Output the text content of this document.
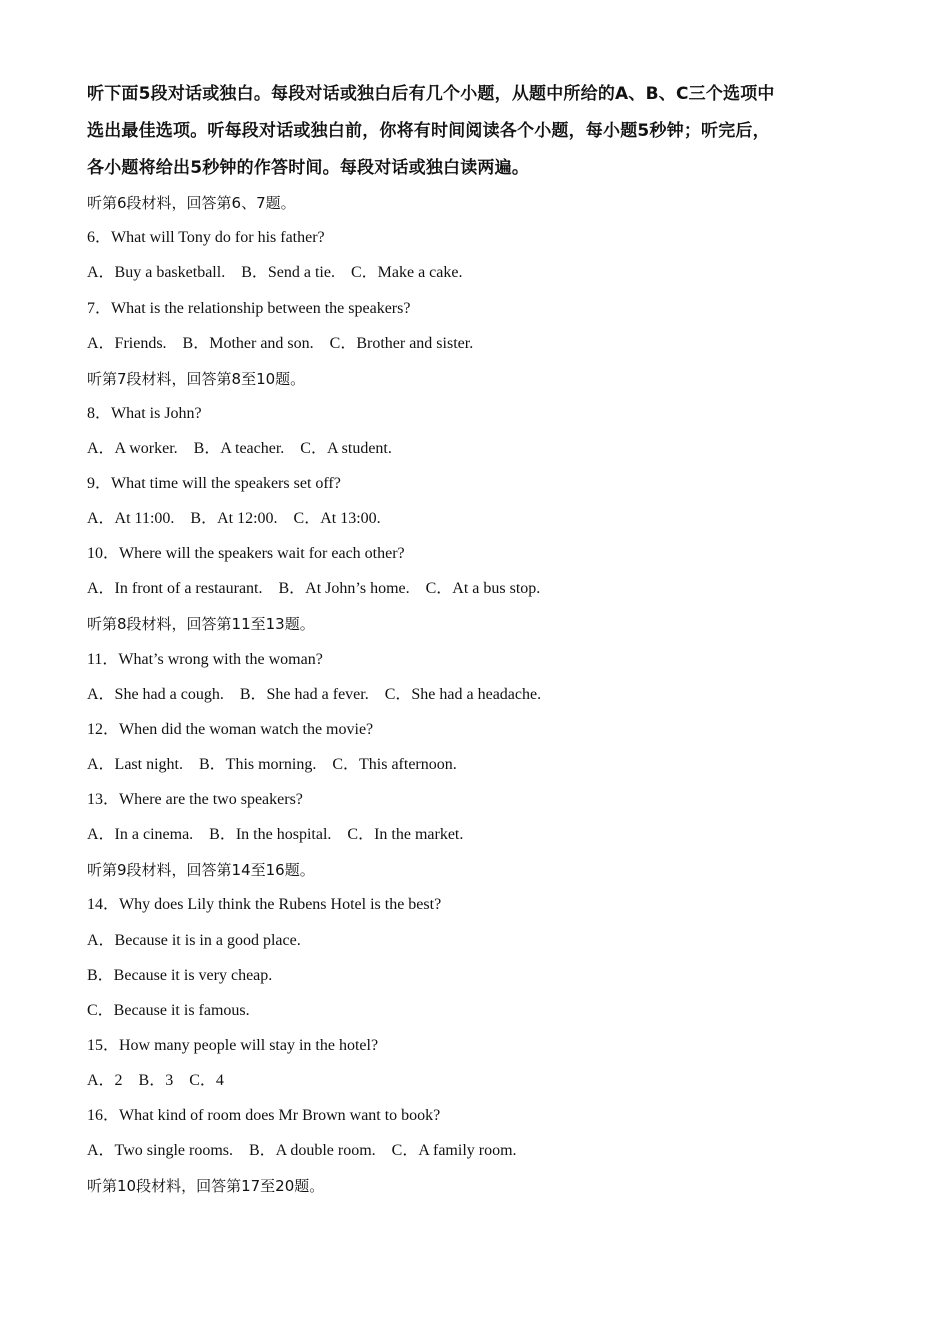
听下面5段对话或独白。每段对话或独白后有几个小题，从题中所给的A、B、C三个选项中
选出最佳选项。听每段对话或独白前，你将有时间阅读各个小题，每小题5秒钟；听完后，
各小题将给出5秒钟的作答时间。每段对话或独白读两遍。
听第6段材料，回答第6、7题。
6．What will Tony do for his father?
A．Buy a basketball.    B．Send a tie.    C．Make a cake.
7．What is the relationship between the speakers?
A．Friends.    B．Mother and son.    C．Brother and sister.
听第7段材料，回答第8至10题。
8．What is John?
A．A worker.    B．A teacher.    C．A student.
9．What time will the speakers set off?
A．At 11:00.    B．At 12:00.    C．At 13:00.
10．Where will the speakers wait for each other?
A．In front of a restaurant.    B．At John’s home.    C．At a bus stop.
听第8段材料，回答第11至13题。
11．What’s wrong with the woman?
A．She had a cough.    B．She had a fever.    C．She had a headache.
12．When did the woman watch the movie?
A．Last night.    B．This morning.    C．This afternoon.
13．Where are the two speakers?
A．In a cinema.    B．In the hospital.    C．In the market.
听第9段材料，回答第14至16题。
14．Why does Lily think the Rubens Hotel is the best?
A．Because it is in a good place.
B．Because it is very cheap.
C．Because it is famous.
15．How many people will stay in the hotel?
A．2    B．3    C．4
16．What kind of room does Mr Brown want to book?
A．Two single rooms.    B．A double room.    C．A family room.
听第10段材料，回答第17至20题。
